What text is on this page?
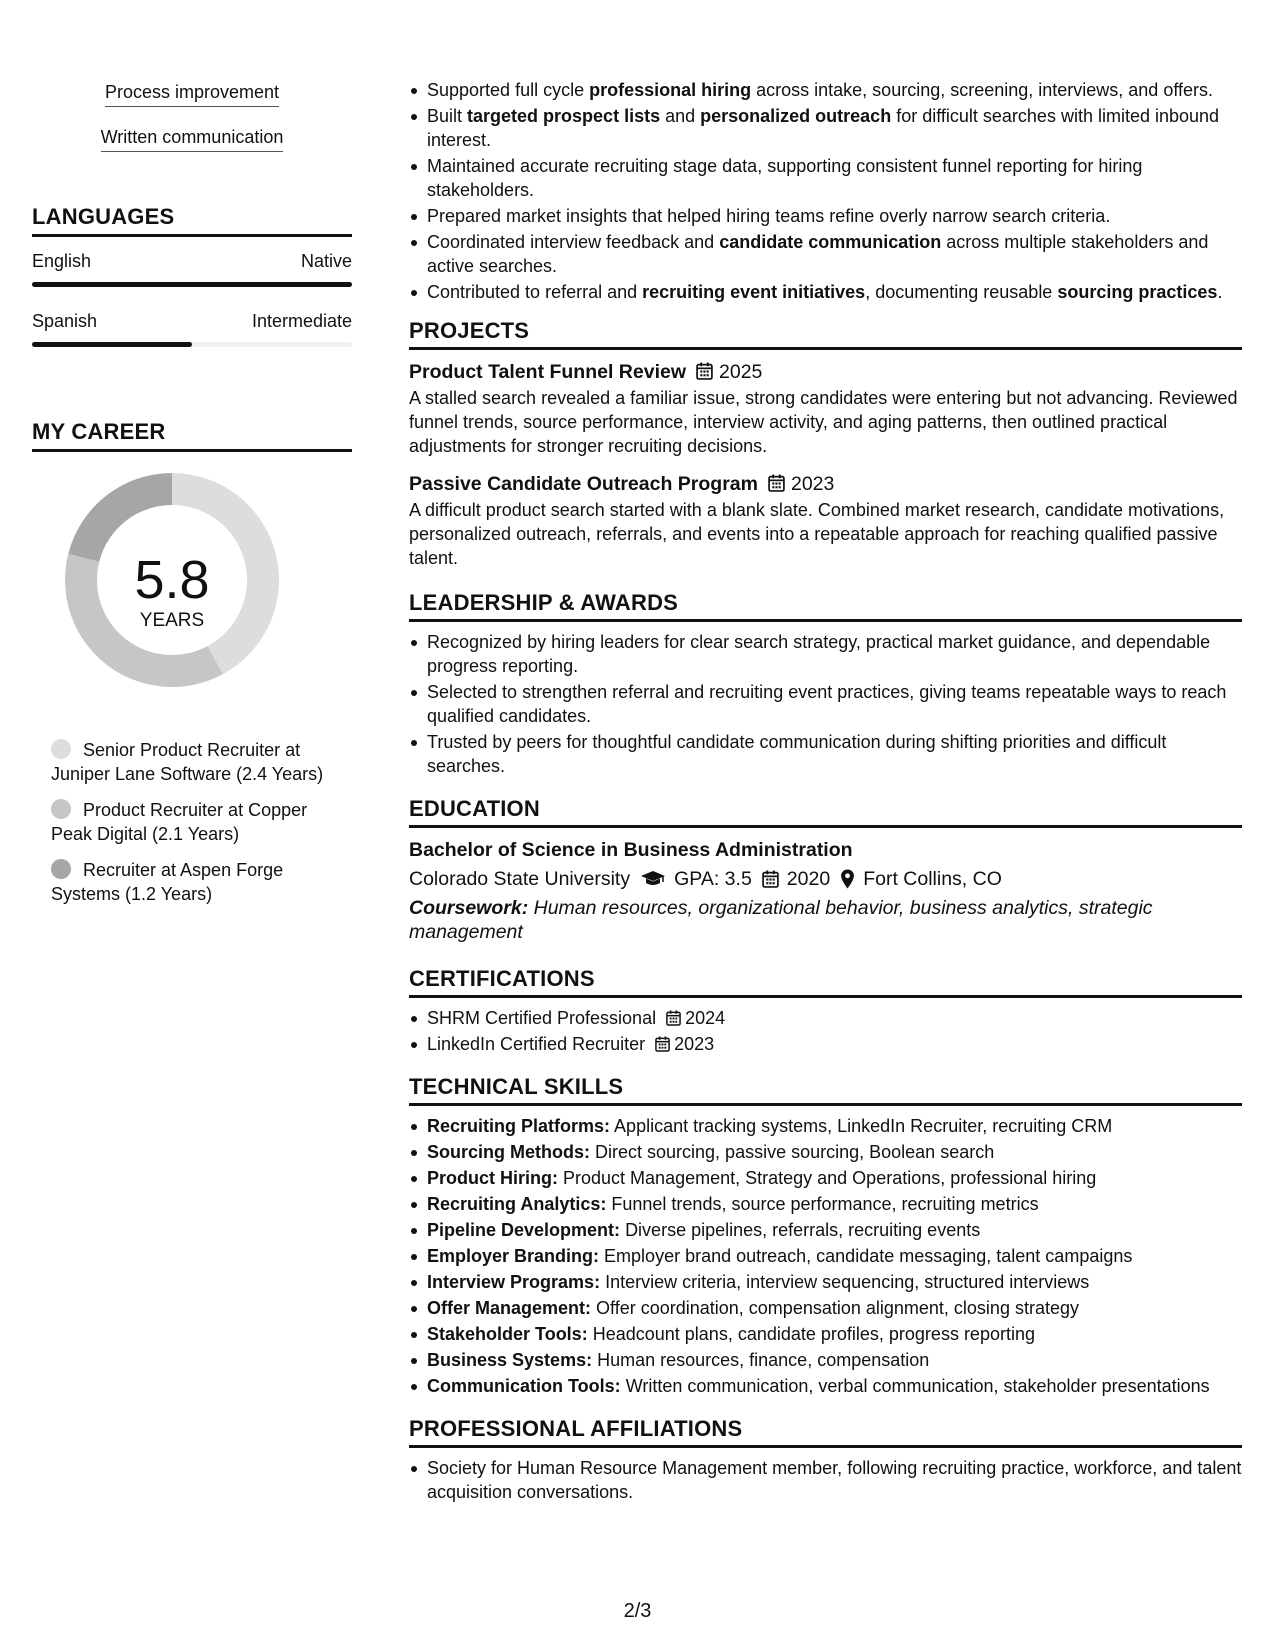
Process improvement
Written communication
LANGUAGES
English	Native
Spanish	Intermediate
MY CAREER
5.8
YEARS
Senior Product Recruiter at Juniper Lane Software (2.4 Years)
Product Recruiter at Copper Peak Digital (2.1 Years)
Recruiter at Aspen Forge Systems (1.2 Years)
Supported full cycle professional hiring across intake, sourcing, screening, interviews, and offers.
Built targeted prospect lists and personalized outreach for difficult searches with limited inbound interest.
Maintained accurate recruiting stage data, supporting consistent funnel reporting for hiring stakeholders.
Prepared market insights that helped hiring teams refine overly narrow search criteria.
Coordinated interview feedback and candidate communication across multiple stakeholders and active searches.
Contributed to referral and recruiting event initiatives, documenting reusable sourcing practices.
PROJECTS
Product Talent Funnel Review 2025
A stalled search revealed a familiar issue, strong candidates were entering but not advancing. Reviewed funnel trends, source performance, interview activity, and aging patterns, then outlined practical adjustments for stronger recruiting decisions.
Passive Candidate Outreach Program 2023
A difficult product search started with a blank slate. Combined market research, candidate motivations, personalized outreach, referrals, and events into a repeatable approach for reaching qualified passive talent.
LEADERSHIP & AWARDS
Recognized by hiring leaders for clear search strategy, practical market guidance, and dependable progress reporting.
Selected to strengthen referral and recruiting event practices, giving teams repeatable ways to reach qualified candidates.
Trusted by peers for thoughtful candidate communication during shifting priorities and difficult searches.
EDUCATION
Bachelor of Science in Business Administration
Colorado State University GPA: 3.5 2020 Fort Collins, CO
Coursework: Human resources, organizational behavior, business analytics, strategic management
CERTIFICATIONS
SHRM Certified Professional 2024
LinkedIn Certified Recruiter 2023
TECHNICAL SKILLS
Recruiting Platforms: Applicant tracking systems, LinkedIn Recruiter, recruiting CRM
Sourcing Methods: Direct sourcing, passive sourcing, Boolean search
Product Hiring: Product Management, Strategy and Operations, professional hiring
Recruiting Analytics: Funnel trends, source performance, recruiting metrics
Pipeline Development: Diverse pipelines, referrals, recruiting events
Employer Branding: Employer brand outreach, candidate messaging, talent campaigns
Interview Programs: Interview criteria, interview sequencing, structured interviews
Offer Management: Offer coordination, compensation alignment, closing strategy
Stakeholder Tools: Headcount plans, candidate profiles, progress reporting
Business Systems: Human resources, finance, compensation
Communication Tools: Written communication, verbal communication, stakeholder presentations
PROFESSIONAL AFFILIATIONS
Society for Human Resource Management member, following recruiting practice, workforce, and talent acquisition conversations.
2/3
